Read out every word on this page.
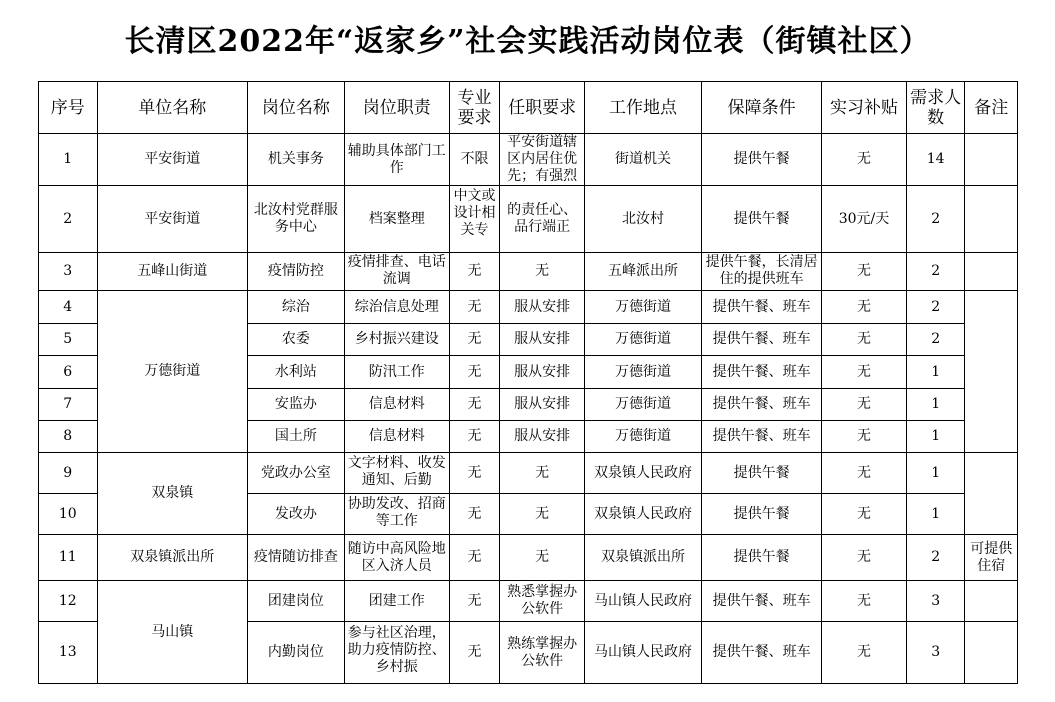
长清区2022年“返家乡”社会实践活动岗位表（街镇社区）
序号	单位名称	岗位名称	岗位职责	专业要求	任职要求	工作地点	保障条件	实习补贴	需求人数	备注
1	平安街道	机关事务	辅助具体部门工作	不限	平安街道辖区内居住优先；有强烈	街道机关	提供午餐	无	14	
2	平安街道	北汝村党群服务中心	档案整理	中文或设计相关专	的责任心、品行端正	北汝村	提供午餐	30元/天	2	
3	五峰山街道	疫情防控	疫情排查、电话流调	无	无	五峰派出所	提供午餐，长清居住的提供班车	无	2	
4	万德街道	综治	综治信息处理	无	服从安排	万德街道	提供午餐、班车	无	2	
5		农委	乡村振兴建设	无	服从安排	万德街道	提供午餐、班车	无	2	
6		水利站	防汛工作	无	服从安排	万德街道	提供午餐、班车	无	1	
7		安监办	信息材料	无	服从安排	万德街道	提供午餐、班车	无	1	
8		国土所	信息材料	无	服从安排	万德街道	提供午餐、班车	无	1	
9	双泉镇	党政办公室	文字材料、收发通知、后勤	无	无	双泉镇人民政府	提供午餐	无	1	
10		发改办	协助发改、招商等工作	无	无	双泉镇人民政府	提供午餐	无	1	
11	双泉镇派出所	疫情随访排查	随访中高风险地区入济人员	无	无	双泉镇派出所	提供午餐	无	2	可提供住宿
12	马山镇	团建岗位	团建工作	无	熟悉掌握办公软件	马山镇人民政府	提供午餐、班车	无	3	
13		内勤岗位	参与社区治理，助力疫情防控、乡村振	无	熟练掌握办公软件	马山镇人民政府	提供午餐、班车	无	3	
